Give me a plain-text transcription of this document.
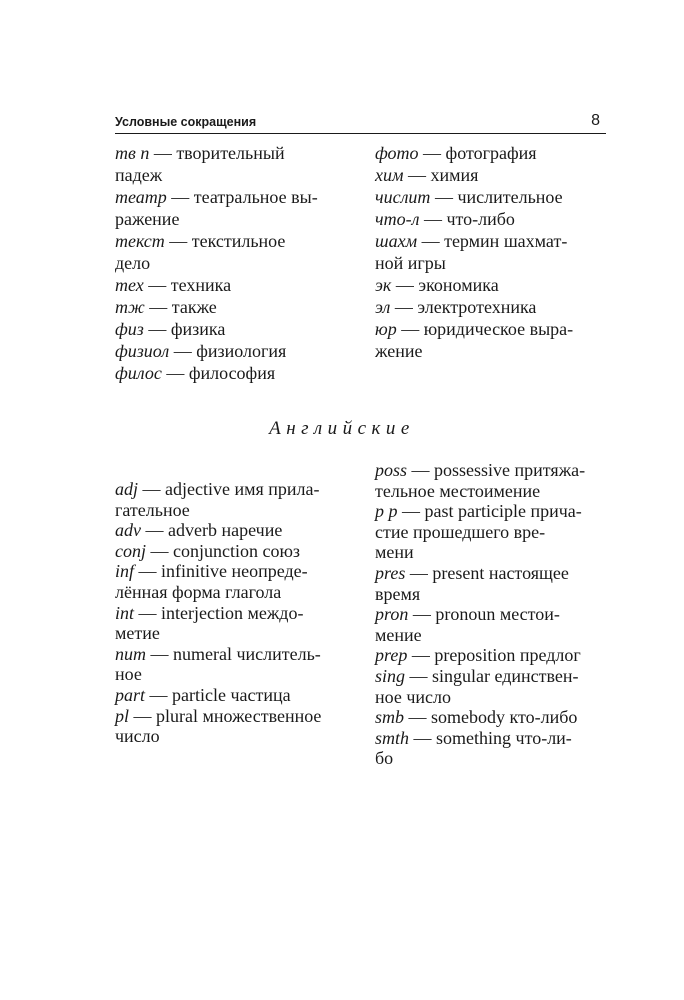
Условные сокращения	8
тв п — творительный
падеж
театр — театральное вы-
ражение
текст — текстильное
дело
тех — техника
тж — также
физ — физика
физиол — физиология
филос — философия
фото — фотография
хим — химия
числит — числительное
что-л — что-либо
шахм — термин шахмат-
ной игры
эк — экономика
эл — электротехника
юр — юридическое выра-
жение
Английские
adj — adjective имя прила-
гательное
adv — adverb наречие
conj — conjunction союз
inf — infinitive неопреде-
лённая форма глагола
int — interjection междо-
метие
num — numeral числитель-
ное
part — particle частица
pl — plural множественное
число
poss — possessive притяжа-
тельное местоимение
p p — past participle прича-
стие прошедшего вре-
мени
pres — present настоящее
время
pron — pronoun местои-
мение
prep — preposition предлог
sing — singular единствен-
ное число
smb — somebody кто-либо
smth — something что-ли-
бо
